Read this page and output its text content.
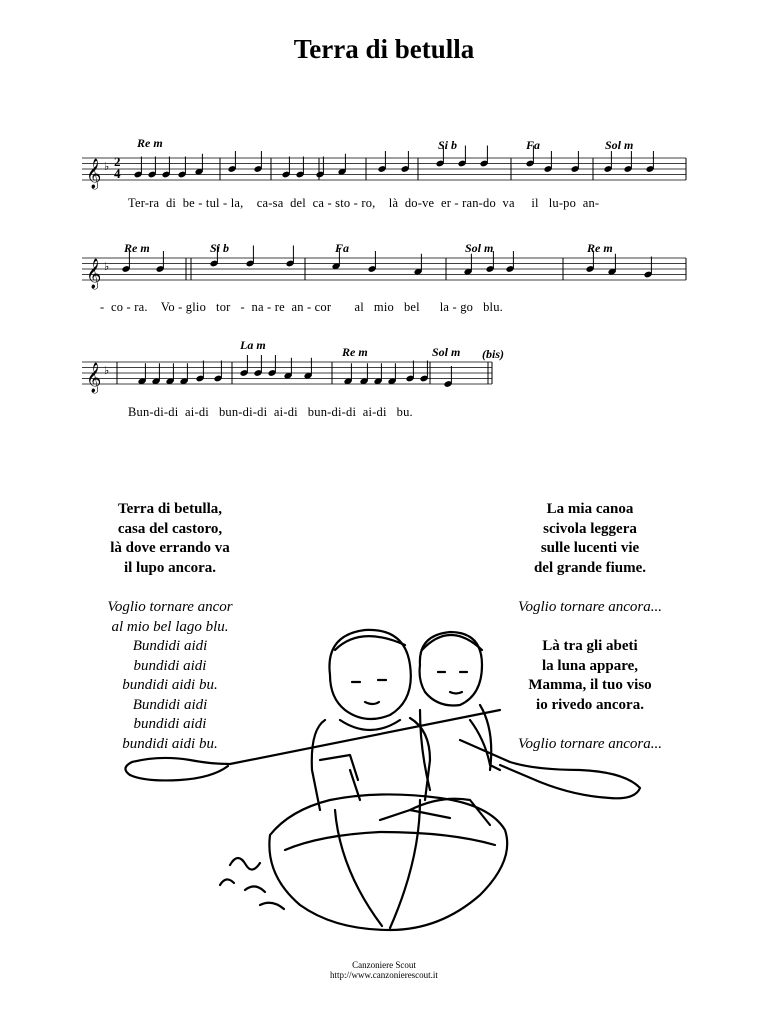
Terra di betulla
𝄞 ♭
𝄞 ♭
𝄞 ♭
2
4
Re m	Si b	Fa	Sol m
Re m	Si b	Fa	Sol m	Re m
La m	Re m	Sol m (bis)
Ter-ra  di  be - tul - la,    ca-sa  del  ca - sto - ro,    là  do-ve  er - ran-do  va     il   lu-po  an-
-  co - ra.    Vo - glio   tor   -  na - re  an - cor       al   mio   bel      la - go   blu.
Bun-di-di  ai-di   bun-di-di  ai-di   bun-di-di  ai-di   bu.
Terra di betulla,
casa del castoro,
là dove errando va
il lupo ancora.
Voglio tornare ancor
al mio bel lago blu.
Bundidi aidi
bundidi aidi
bundidi aidi bu.
Bundidi aidi
bundidi aidi
bundidi aidi bu.
La mia canoa
scivola leggera
sulle lucenti vie
del grande fiume.
Voglio tornare ancora...
Là tra gli abeti
la luna appare,
Mamma, il tuo viso
io rivedo ancora.
Voglio tornare ancora...
Canzoniere Scout
http://www.canzonierescout.it
